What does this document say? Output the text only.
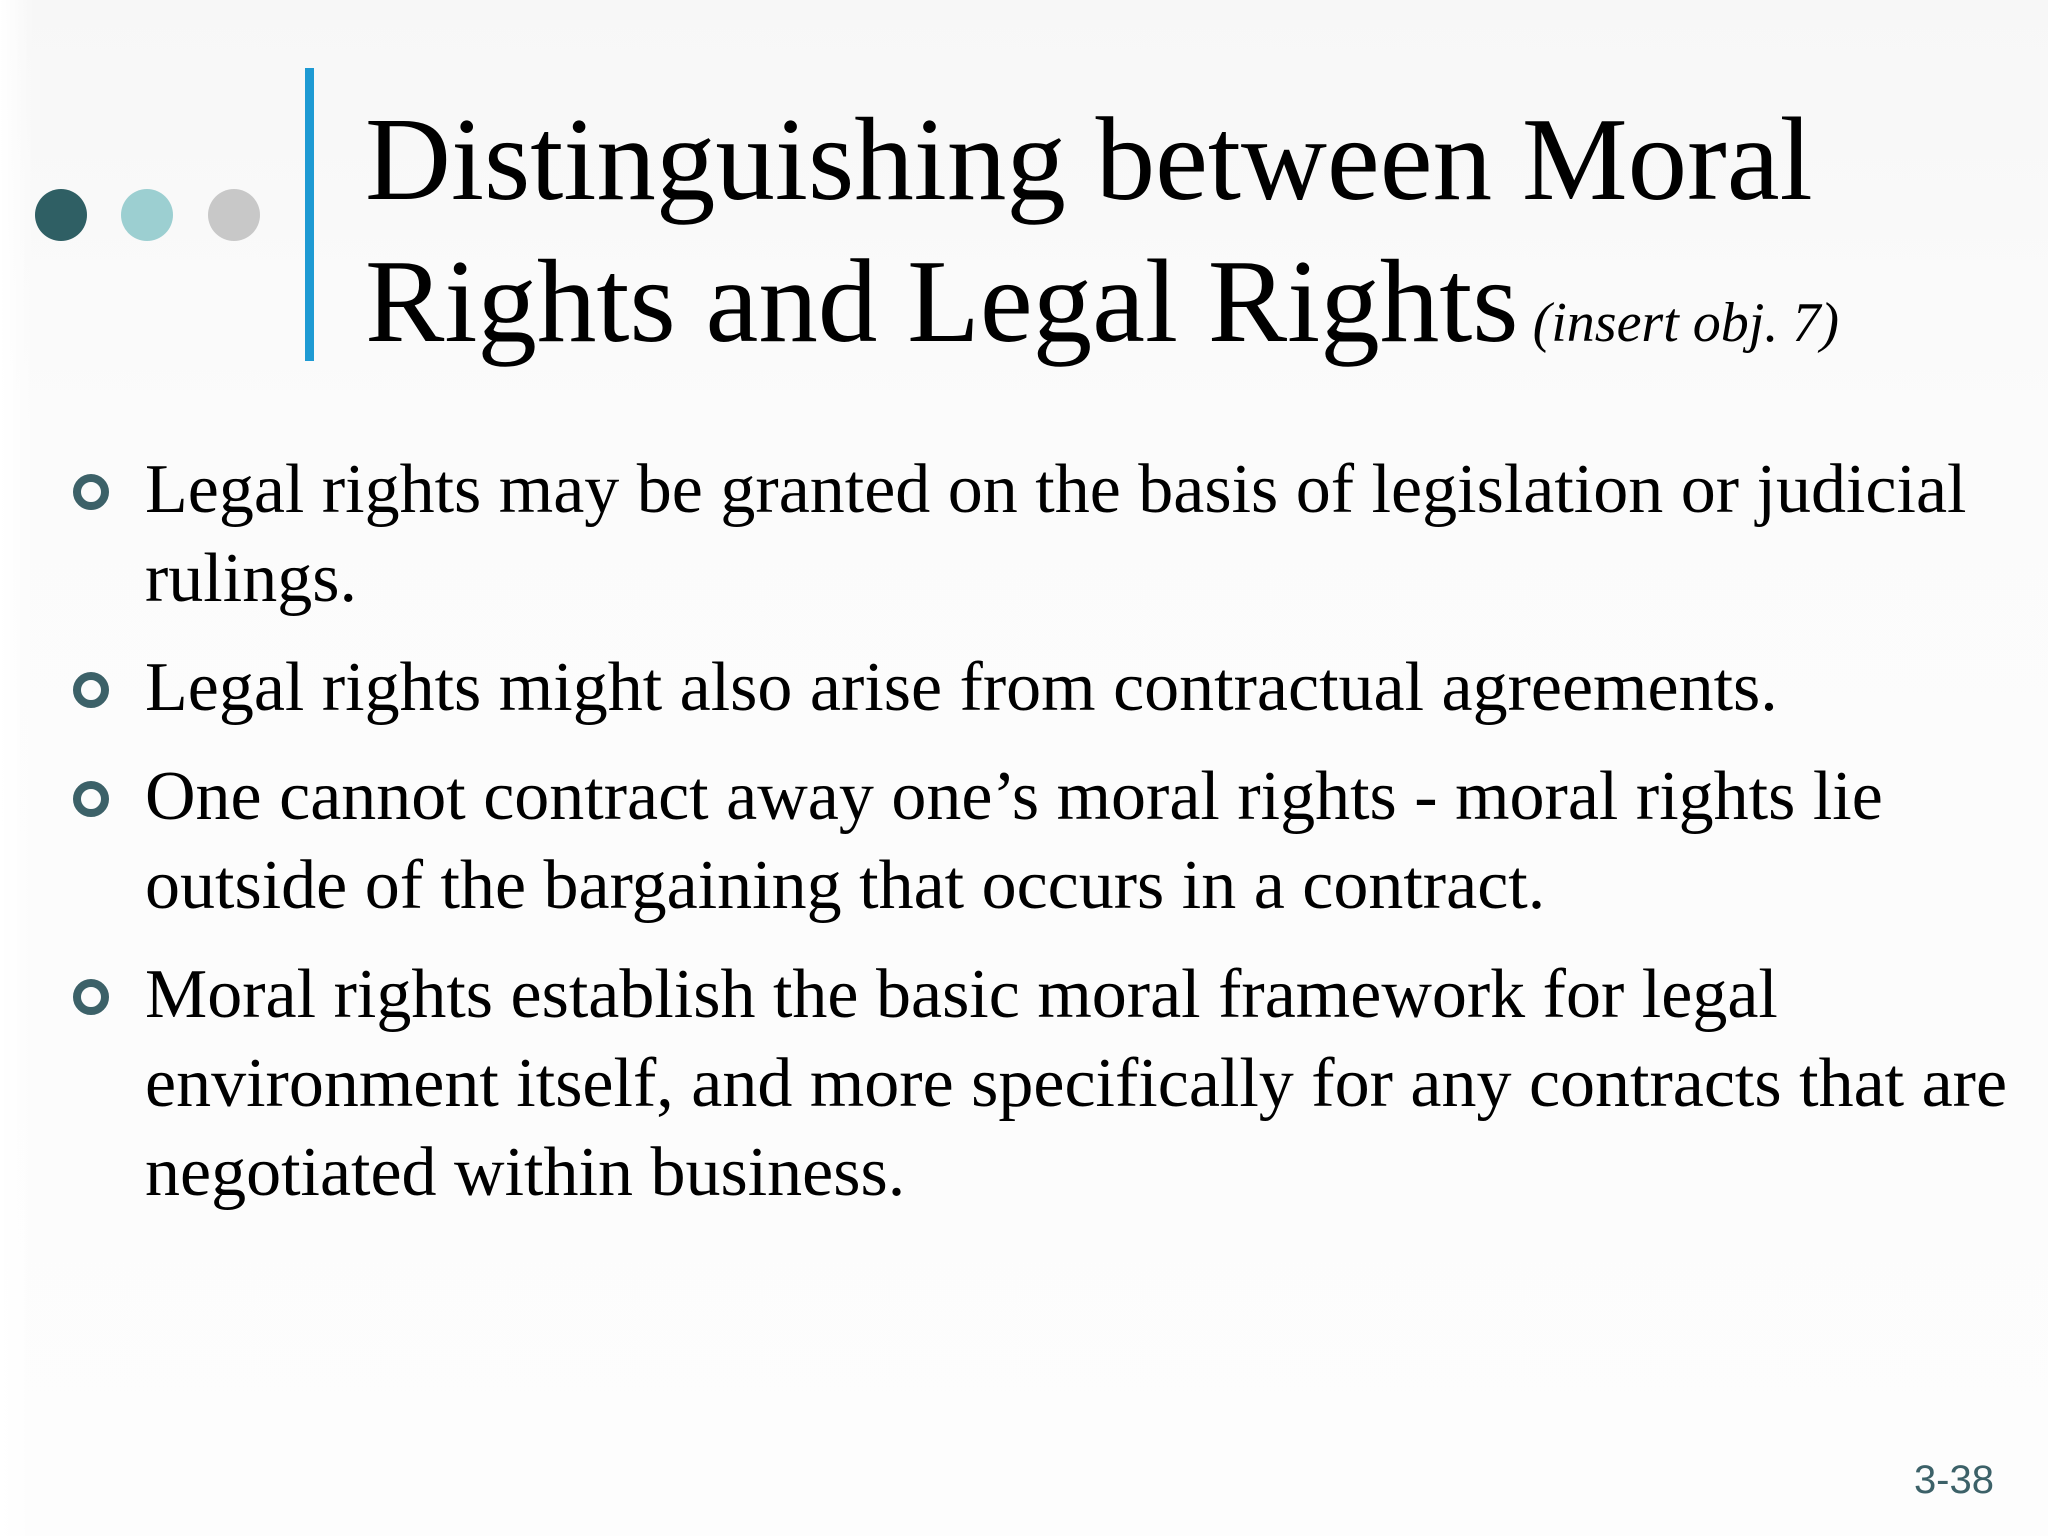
Distinguishing between Moral
Rights and Legal Rights (insert obj. 7)
Legal rights may be granted on the basis of legislation or judicial rulings.
Legal rights might also arise from contractual agreements.
One cannot contract away one’s moral rights - moral rights lie outside of the bargaining that occurs in a contract.
Moral rights establish the basic moral framework for legal environment itself, and more specifically for any contracts that are negotiated within business.
3-38
